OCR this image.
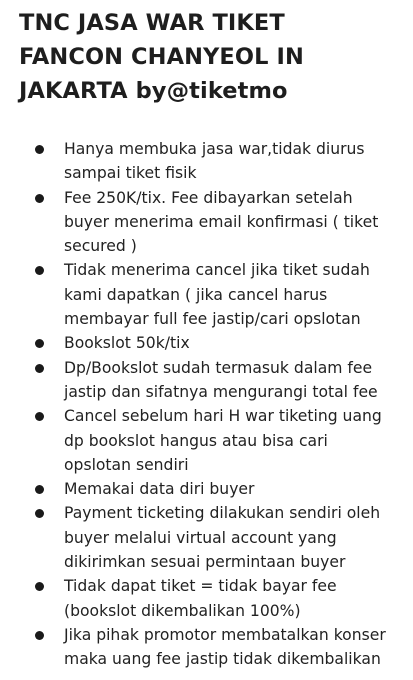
TNC JASA WAR TIKET
FANCON CHANYEOL IN
JAKARTA by@tiketmo
Hanya membuka jasa war,tidak diurus
sampai tiket fisik
Fee 250K/tix. Fee dibayarkan setelah
buyer menerima email konfirmasi ( tiket
secured )
Tidak menerima cancel jika tiket sudah
kami dapatkan ( jika cancel harus
membayar full fee jastip/cari opslotan
Bookslot 50k/tix
Dp/Bookslot sudah termasuk dalam fee
jastip dan sifatnya mengurangi total fee
Cancel sebelum hari H war tiketing uang
dp bookslot hangus atau bisa cari
opslotan sendiri
Memakai data diri buyer
Payment ticketing dilakukan sendiri oleh
buyer melalui virtual account yang
dikirimkan sesuai permintaan buyer
Tidak dapat tiket = tidak bayar fee
(bookslot dikembalikan 100%)
Jika pihak promotor membatalkan konser
maka uang fee jastip tidak dikembalikan
